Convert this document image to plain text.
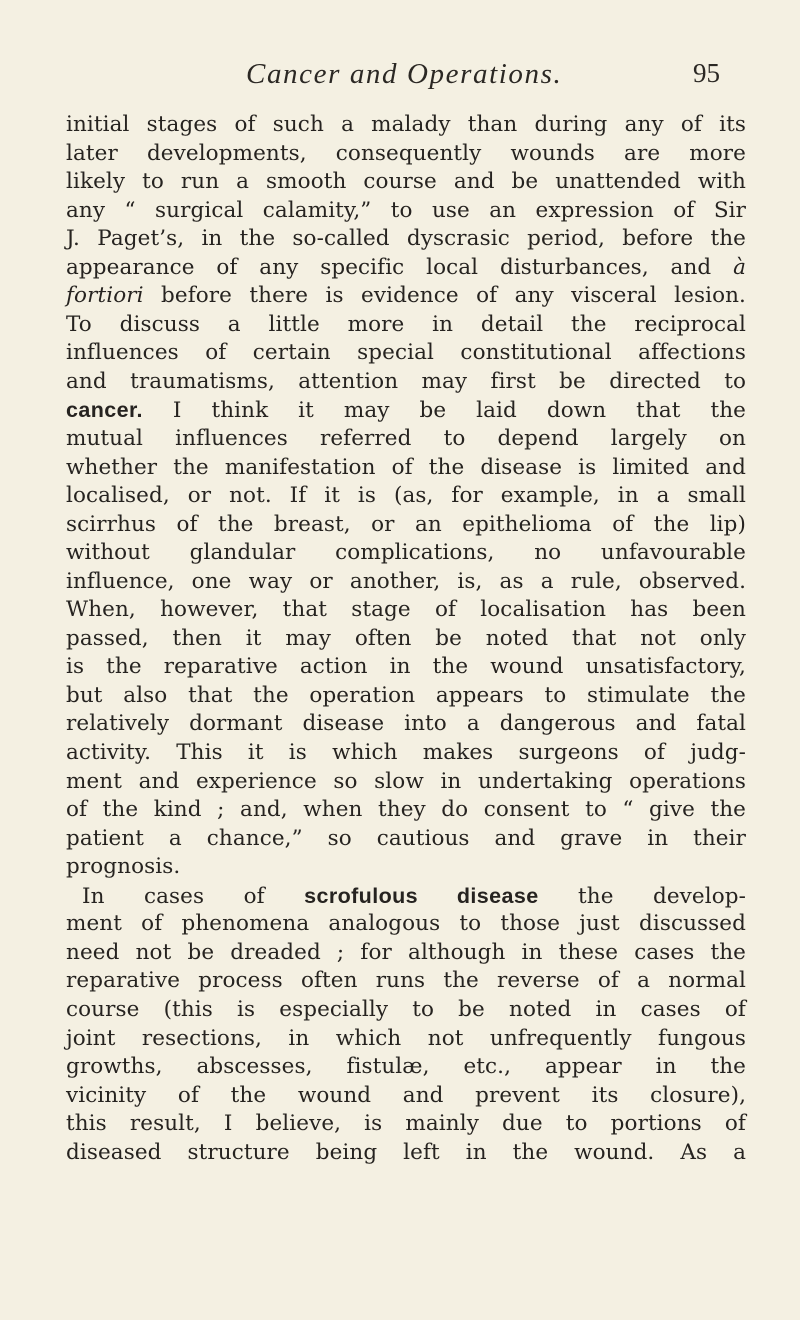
Cancer and Operations.	95
initial stages of such a malady than during any of its
later developments, consequently wounds are more
likely to run a smooth course and be unattended with
any “ surgical calamity,” to use an expression of Sir
J. Paget’s, in the so-called dyscrasic period, before the
appearance of any specific local disturbances, and à
fortiori before there is evidence of any visceral lesion.
To discuss a little more in detail the reciprocal
influences of certain special constitutional affections
and traumatisms, attention may first be directed to
cancer. I think it may be laid down that the
mutual influences referred to depend largely on
whether the manifestation of the disease is limited and
localised, or not. If it is (as, for example, in a small
scirrhus of the breast, or an epithelioma of the lip)
without glandular complications, no unfavourable
influence, one way or another, is, as a rule, observed.
When, however, that stage of localisation has been
passed, then it may often be noted that not only
is the reparative action in the wound unsatisfactory,
but also that the operation appears to stimulate the
relatively dormant disease into a dangerous and fatal
activity. This it is which makes surgeons of judg-
ment and experience so slow in undertaking operations
of the kind ; and, when they do consent to “ give the
patient a chance,” so cautious and grave in their
prognosis.
In cases of scrofulous disease the develop-
ment of phenomena analogous to those just discussed
need not be dreaded ; for although in these cases the
reparative process often runs the reverse of a normal
course (this is especially to be noted in cases of
joint resections, in which not unfrequently fungous
growths, abscesses, fistulæ, etc., appear in the
vicinity of the wound and prevent its closure),
this result, I believe, is mainly due to portions of
diseased structure being left in the wound. As a
